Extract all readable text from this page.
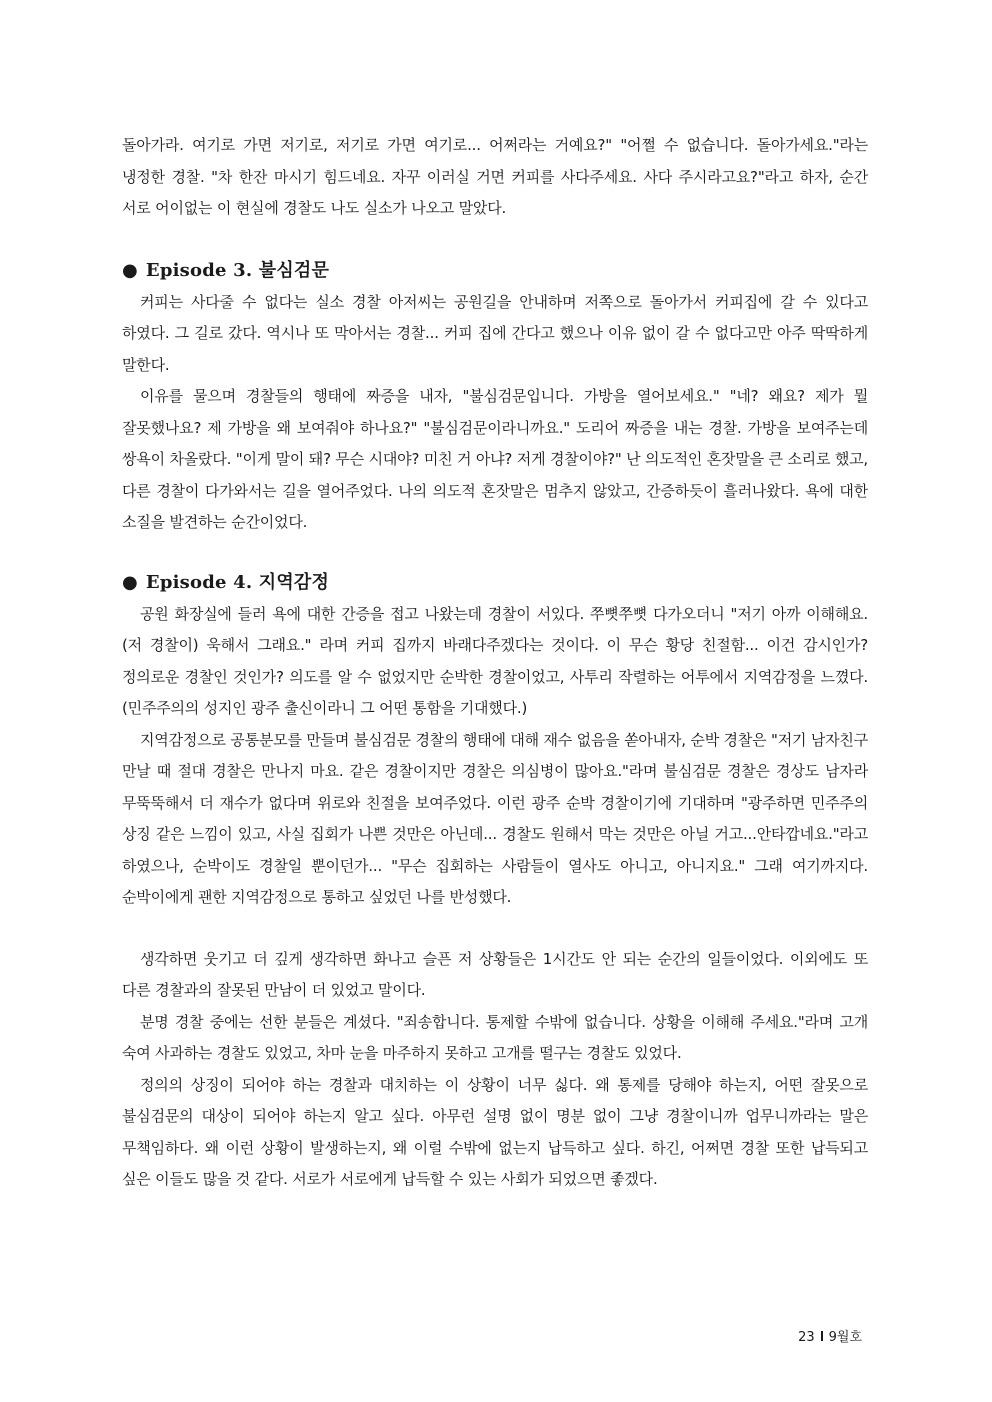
돌아가라. 여기로 가면 저기로, 저기로 가면 여기로... 어쩌라는 거예요?" "어쩔 수 없습니다. 돌아가세요."라는 냉정한 경찰. "차 한잔 마시기 힘드네요. 자꾸 이러실 거면 커피를 사다주세요. 사다 주시라고요?"라고 하자, 순간 서로 어이없는 이 현실에 경찰도 나도 실소가 나오고 말았다.

● Episode 3. 불심검문

커피는 사다줄 수 없다는 실소 경찰 아저씨는 공원길을 안내하며 저쪽으로 돌아가서 커피집에 갈 수 있다고 하였다. 그 길로 갔다. 역시나 또 막아서는 경찰... 커피 집에 간다고 했으나 이유 없이 갈 수 없다고만 아주 딱딱하게 말한다.

이유를 물으며 경찰들의 행태에 짜증을 내자, "불심검문입니다. 가방을 열어보세요." "네? 왜요? 제가 뭘 잘못했나요? 제 가방을 왜 보여줘야 하나요?" "불심검문이라니까요." 도리어 짜증을 내는 경찰. 가방을 보여주는데 쌍욕이 차올랐다. "이게 말이 돼? 무슨 시대야? 미친 거 아냐? 저게 경찰이야?" 난 의도적인 혼잣말을 큰 소리로 했고, 다른 경찰이 다가와서는 길을 열어주었다. 나의 의도적 혼잣말은 멈추지 않았고, 간증하듯이 흘러나왔다. 욕에 대한 소질을 발견하는 순간이었다.

● Episode 4. 지역감정

공원 화장실에 들러 욕에 대한 간증을 접고 나왔는데 경찰이 서있다. 쭈뼛쭈뼛 다가오더니 "저기 아까 이해해요. (저 경찰이) 욱해서 그래요." 라며 커피 집까지 바래다주겠다는 것이다. 이 무슨 황당 친절함... 이건 감시인가? 정의로운 경찰인 것인가? 의도를 알 수 없었지만 순박한 경찰이었고, 사투리 작렬하는 어투에서 지역감정을 느꼈다.(민주주의의 성지인 광주 출신이라니 그 어떤 통함을 기대했다.)

지역감정으로 공통분모를 만들며 불심검문 경찰의 행태에 대해 재수 없음을 쏟아내자, 순박 경찰은 "저기 남자친구 만날 때 절대 경찰은 만나지 마요. 같은 경찰이지만 경찰은 의심병이 많아요."라며 불심검문 경찰은 경상도 남자라 무뚝뚝해서 더 재수가 없다며 위로와 친절을 보여주었다. 이런 광주 순박 경찰이기에 기대하며 "광주하면 민주주의 상징 같은 느낌이 있고, 사실 집회가 나쁜 것만은 아닌데... 경찰도 원해서 막는 것만은 아닐 거고...안타깝네요."라고 하였으나, 순박이도 경찰일 뿐이던가... "무슨 집회하는 사람들이 열사도 아니고, 아니지요." 그래 여기까지다. 순박이에게 괜한 지역감정으로 통하고 싶었던 나를 반성했다.

생각하면 웃기고 더 깊게 생각하면 화나고 슬픈 저 상황들은 1시간도 안 되는 순간의 일들이었다. 이외에도 또 다른 경찰과의 잘못된 만남이 더 있었고 말이다.

분명 경찰 중에는 선한 분들은 계셨다. "죄송합니다. 통제할 수밖에 없습니다. 상황을 이해해 주세요."라며 고개 숙여 사과하는 경찰도 있었고, 차마 눈을 마주하지 못하고 고개를 떨구는 경찰도 있었다.

정의의 상징이 되어야 하는 경찰과 대치하는 이 상황이 너무 싫다. 왜 통제를 당해야 하는지, 어떤 잘못으로 불심검문의 대상이 되어야 하는지 알고 싶다. 아무런 설명 없이 명분 없이 그냥 경찰이니까 업무니까라는 말은 무책임하다. 왜 이런 상황이 발생하는지, 왜 이럴 수밖에 없는지 납득하고 싶다. 하긴, 어쩌면 경찰 또한 납득되고 싶은 이들도 많을 것 같다. 서로가 서로에게 납득할 수 있는 사회가 되었으면 좋겠다.

23 9월호
